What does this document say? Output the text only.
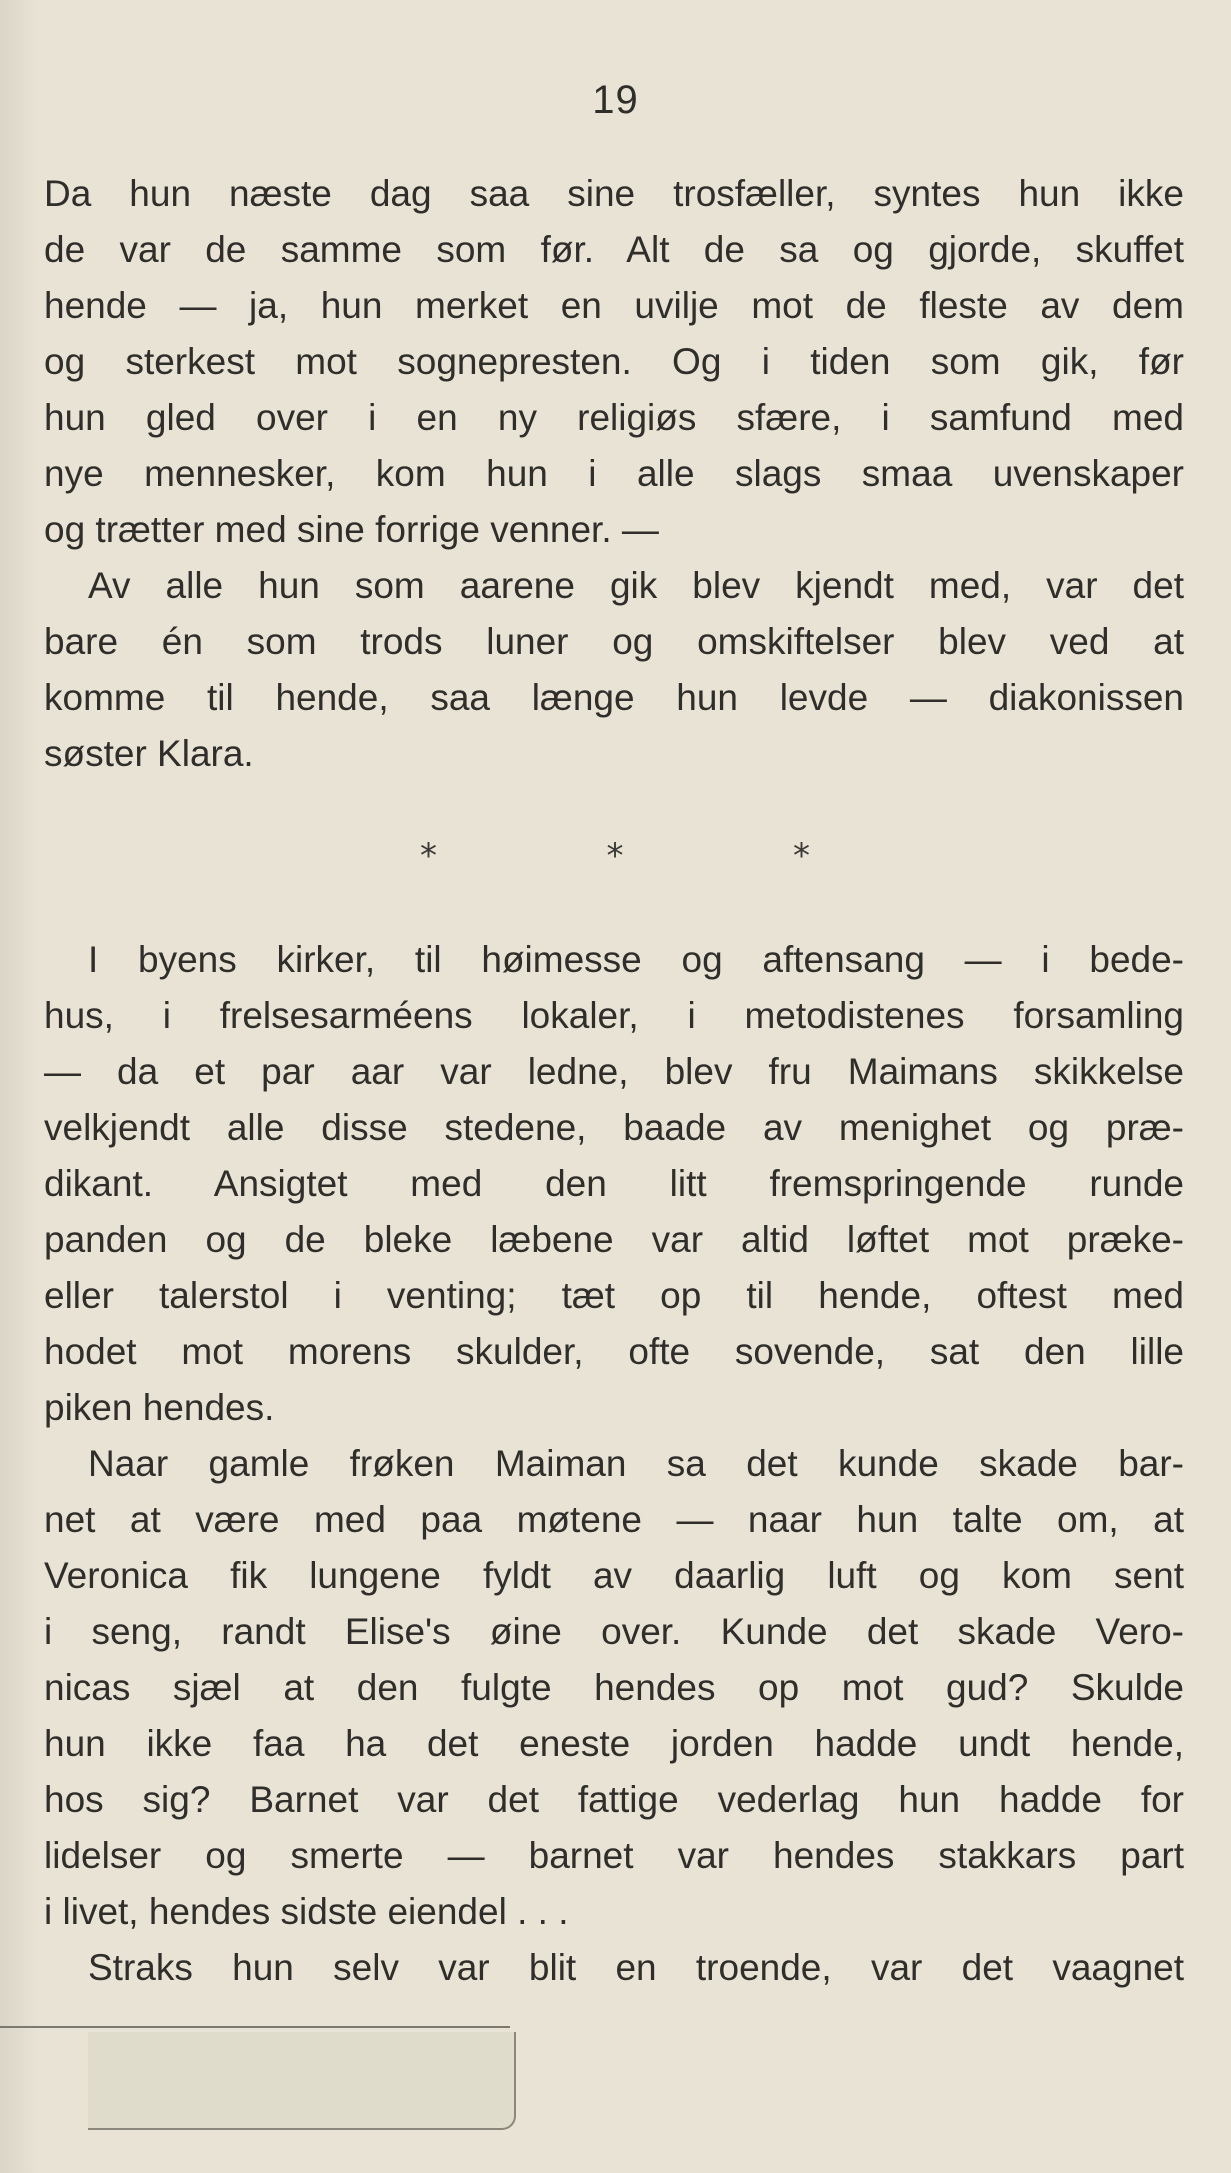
19
Da hun næste dag saa sine trosfæller, syntes hun ikke
de var de samme som før. Alt de sa og gjorde, skuffet
hende — ja, hun merket en uvilje mot de fleste av dem
og sterkest mot sognepresten. Og i tiden som gik, før
hun gled over i en ny religiøs sfære, i samfund med
nye mennesker, kom hun i alle slags smaa uvenskaper
og trætter med sine forrige venner. —
Av alle hun som aarene gik blev kjendt med, var det
bare én som trods luner og omskiftelser blev ved at
komme til hende, saa længe hun levde — diakonissen
søster Klara.
*	*	*
I byens kirker, til høimesse og aftensang — i bede-
hus, i frelsesarméens lokaler, i metodistenes forsamling
— da et par aar var ledne, blev fru Maimans skikkelse
velkjendt alle disse stedene, baade av menighet og præ-
dikant. Ansigtet med den litt fremspringende runde
panden og de bleke læbene var altid løftet mot præke-
eller talerstol i venting; tæt op til hende, oftest med
hodet mot morens skulder, ofte sovende, sat den lille
piken hendes.
Naar gamle frøken Maiman sa det kunde skade bar-
net at være med paa møtene — naar hun talte om, at
Veronica fik lungene fyldt av daarlig luft og kom sent
i seng, randt Elise's øine over. Kunde det skade Vero-
nicas sjæl at den fulgte hendes op mot gud? Skulde
hun ikke faa ha det eneste jorden hadde undt hende,
hos sig? Barnet var det fattige vederlag hun hadde for
lidelser og smerte — barnet var hendes stakkars part
i livet, hendes sidste eiendel . . .
Straks hun selv var blit en troende, var det vaagnet
